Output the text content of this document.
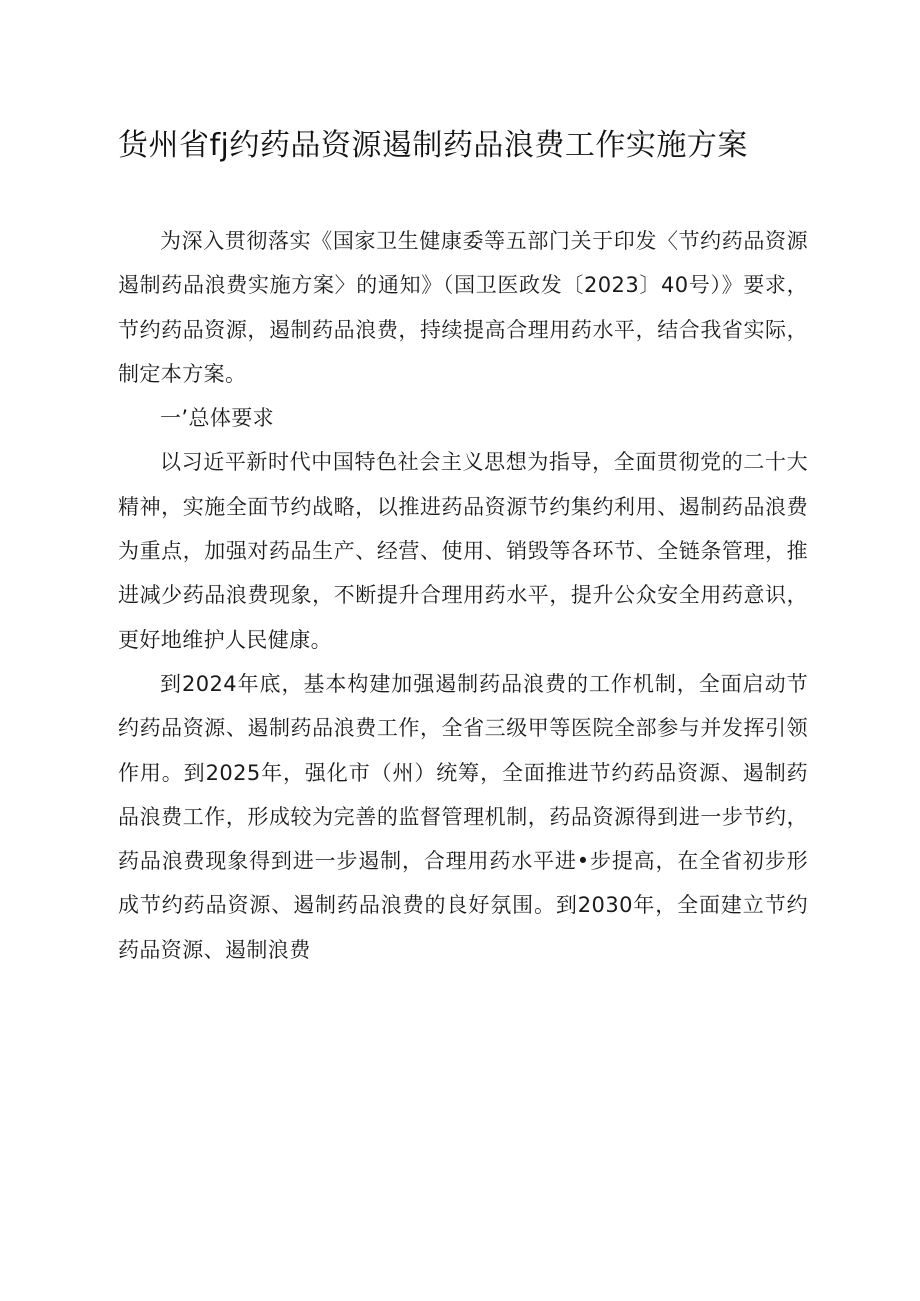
货州省fj约药品资源遏制药品浪费工作实施方案

为深入贯彻落实《国家卫生健康委等五部门关于印发〈节约药品资源遏制药品浪费实施方案〉的通知》（国卫医政发〔2023〕40号）》要求，节约药品资源，遏制药品浪费，持续提高合理用药水平，结合我省实际，制定本方案。

一’总体要求

以习近平新时代中国特色社会主义思想为指导，全面贯彻党的二十大精神，实施全面节约战略，以推进药品资源节约集约利用、遏制药品浪费为重点，加强对药品生产、经营、使用、销毁等各环节、全链条管理，推进减少药品浪费现象，不断提升合理用药水平，提升公众安全用药意识，更好地维护人民健康。

到2024年底，基本构建加强遏制药品浪费的工作机制，全面启动节约药品资源、遏制药品浪费工作，全省三级甲等医院全部参与并发挥引领作用。到2025年，强化市（州）统筹，全面推进节约药品资源、遏制药品浪费工作，形成较为完善的监督管理机制，药品资源得到进一步节约，药品浪费现象得到进一步遏制，合理用药水平进•步提高，在全省初步形成节约药品资源、遏制药品浪费的良好氛围。到2030年，全面建立节约药品资源、遏制浪费
